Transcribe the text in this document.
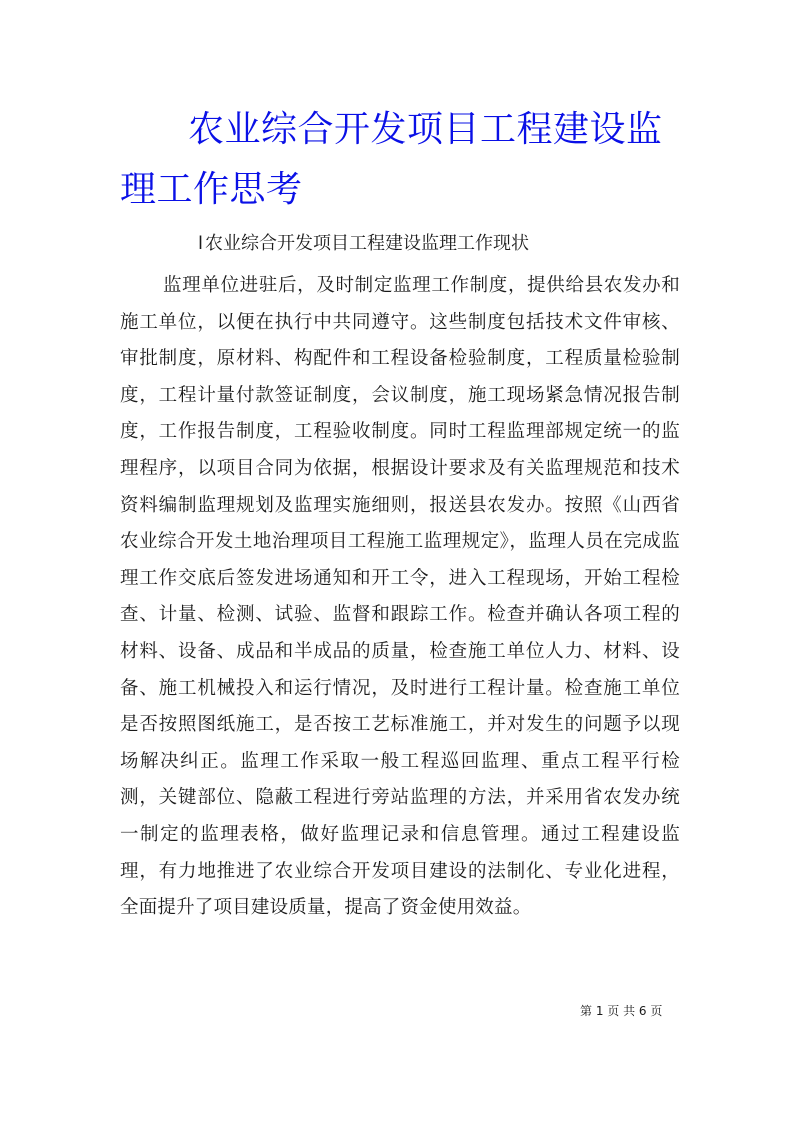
农业综合开发项目工程建设监理工作思考
l 农业综合开发项目工程建设监理工作现状

监理单位进驻后，及时制定监理工作制度，提供给县农发办和施工单位，以便在执行中共同遵守。这些制度包括技术文件审核、审批制度，原材料、构配件和工程设备检验制度，工程质量检验制度，工程计量付款签证制度，会议制度，施工现场紧急情况报告制度，工作报告制度，工程验收制度。同时工程监理部规定统一的监理程序，以项目合同为依据，根据设计要求及有关监理规范和技术资料编制监理规划及监理实施细则，报送县农发办。按照《山西省农业综合开发土地治理项目工程施工监理规定》，监理人员在完成监理工作交底后签发进场通知和开工令，进入工程现场，开始工程检查、计量、检测、试验、监督和跟踪工作。检查并确认各项工程的材料、设备、成品和半成品的质量，检查施工单位人力、材料、设备、施工机械投入和运行情况，及时进行工程计量。检查施工单位是否按照图纸施工，是否按工艺标准施工，并对发生的问题予以现场解决纠正。监理工作采取一般工程巡回监理、重点工程平行检测，关键部位、隐蔽工程进行旁站监理的方法，并采用省农发办统一制定的监理表格，做好监理记录和信息管理。通过工程建设监理，有力地推进了农业综合开发项目建设的法制化、专业化进程，全面提升了项目建设质量，提高了资金使用效益。

第 1 页 共 6 页
